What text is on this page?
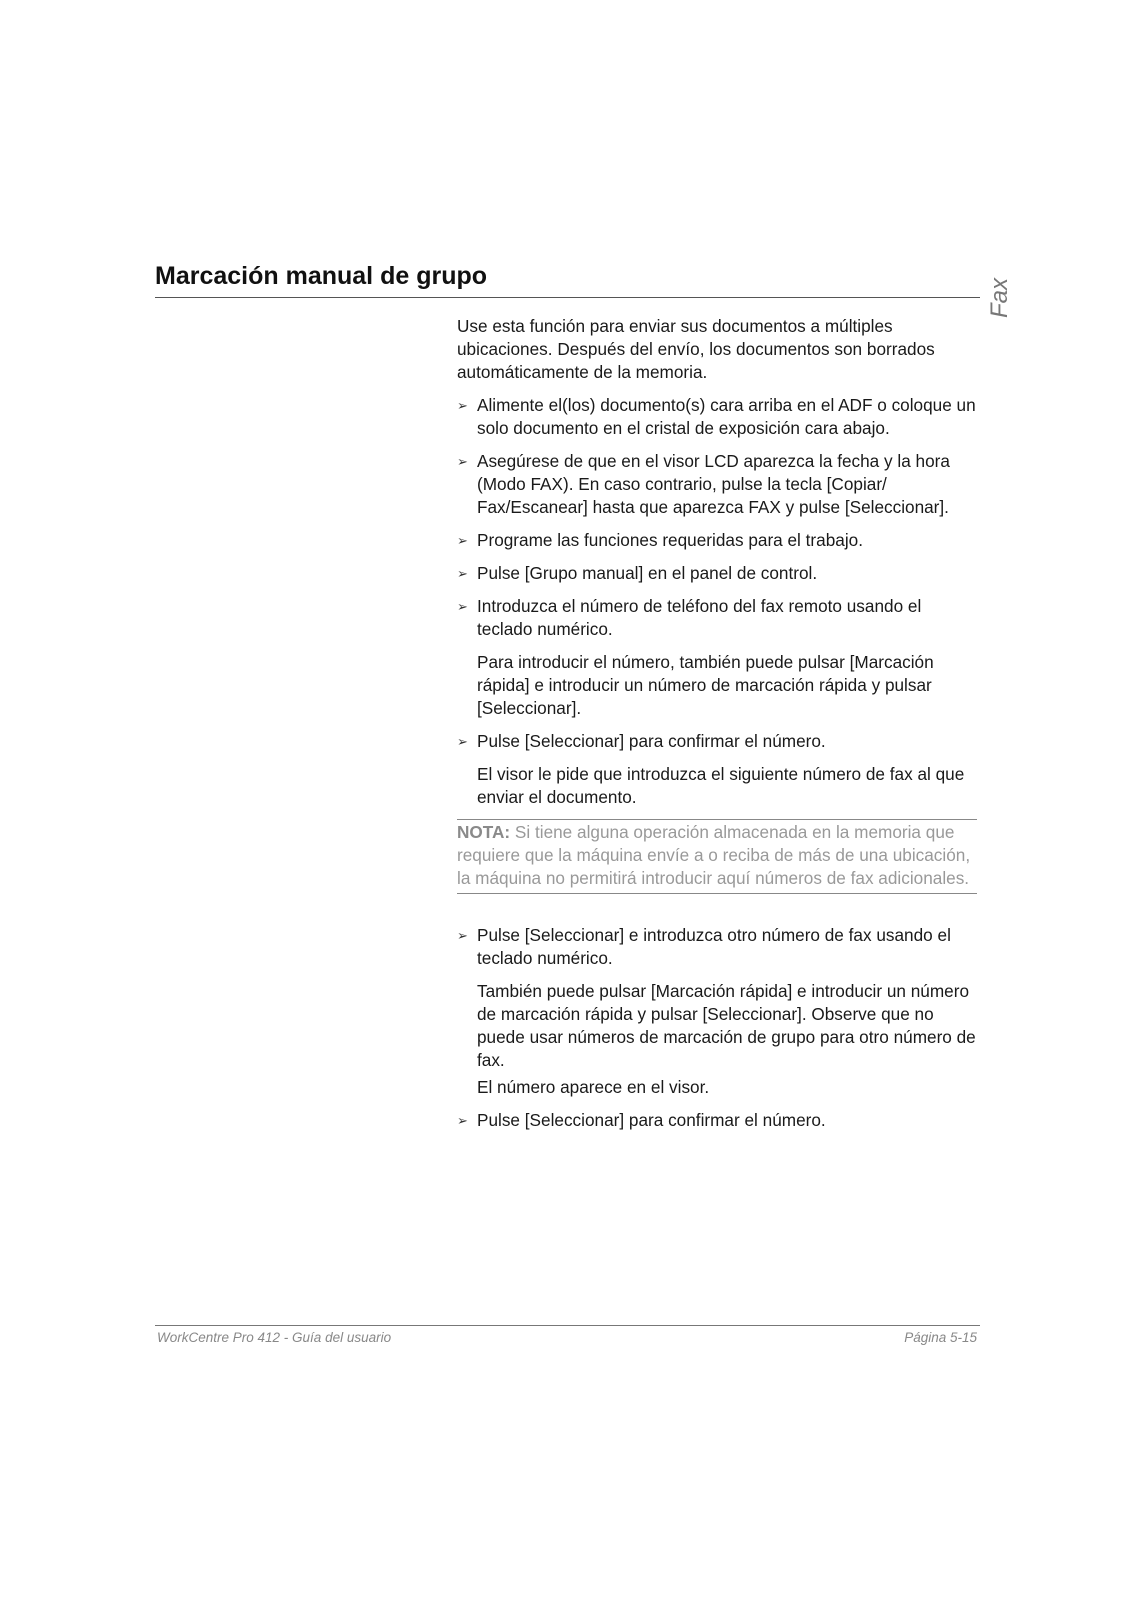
Marcación manual de grupo
Fax

Use esta función para enviar sus documentos a múltiples ubicaciones. Después del envío, los documentos son borrados automáticamente de la memoria.

➢ Alimente el(los) documento(s) cara arriba en el ADF o coloque un solo documento en el cristal de exposición cara abajo.
➢ Asegúrese de que en el visor LCD aparezca la fecha y la hora (Modo FAX). En caso contrario, pulse la tecla [Copiar/ Fax/Escanear] hasta que aparezca FAX y pulse [Seleccionar].
➢ Programe las funciones requeridas para el trabajo.
➢ Pulse [Grupo manual] en el panel de control.
➢ Introduzca el número de teléfono del fax remoto usando el teclado numérico.

Para introducir el número, también puede pulsar [Marcación rápida] e introducir un número de marcación rápida y pulsar [Seleccionar].

➢ Pulse [Seleccionar] para confirmar el número.

El visor le pide que introduzca el siguiente número de fax al que enviar el documento.

NOTA: Si tiene alguna operación almacenada en la memoria que requiere que la máquina envíe a o reciba de más de una ubicación, la máquina no permitirá introducir aquí números de fax adicionales.
➢ Pulse [Seleccionar] e introduzca otro número de fax usando el teclado numérico.

También puede pulsar [Marcación rápida] e introducir un número de marcación rápida y pulsar [Seleccionar]. Observe que no puede usar números de marcación de grupo para otro número de fax.

El número aparece en el visor.

➢ Pulse [Seleccionar] para confirmar el número.
WorkCentre Pro 412 - Guía del usuario	Página 5-15
